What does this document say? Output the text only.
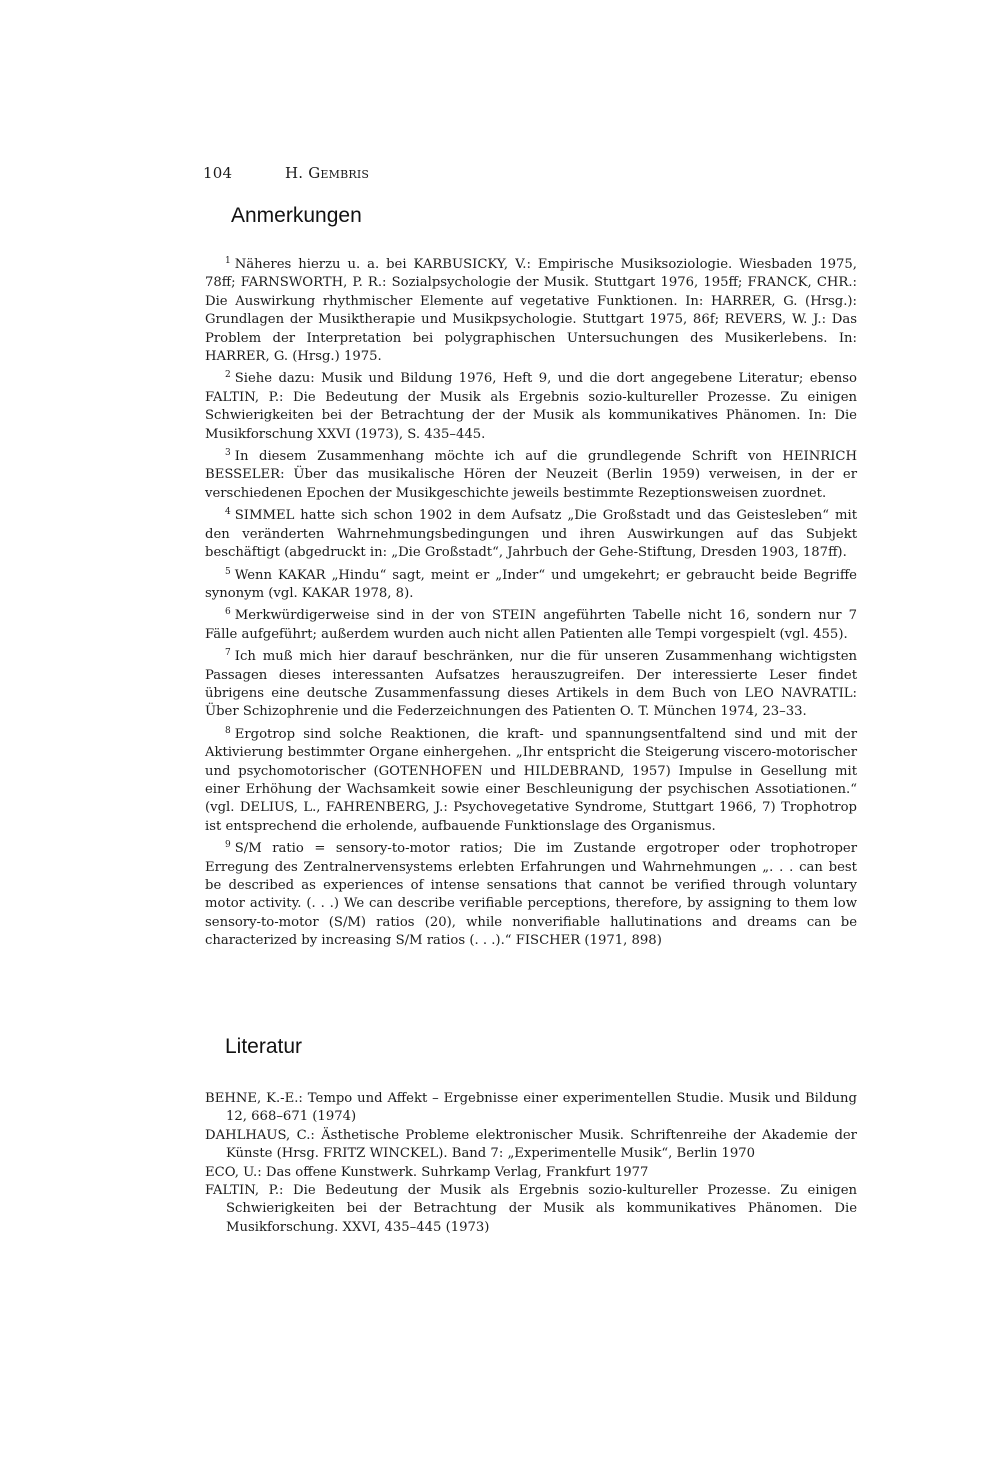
104	H. Gembris
Anmerkungen

$^1$ Näheres hierzu u. a. bei KARBUSICKY, V.: Empirische Musiksoziologie. Wiesbaden 1975, 78ff; FARNSWORTH, P. R.: Sozialpsychologie der Musik. Stuttgart 1976, 195ff; FRANCK, CHR.: Die Auswirkung rhythmischer Elemente auf vegetative Funktionen. In: HARRER, G. (Hrsg.): Grundlagen der Musiktherapie und Musikpsychologie. Stuttgart 1975, 86f; REVERS, W. J.: Das Problem der Interpretation bei polygraphischen Untersuchungen des Musikerlebens. In: HARRER, G. (Hrsg.) 1975.

$^2$ Siehe dazu: Musik und Bildung 1976, Heft 9, und die dort angegebene Literatur; ebenso FALTIN, P.: Die Bedeutung der Musik als Ergebnis sozio-kultureller Prozesse. Zu einigen Schwierigkeiten bei der Betrachtung der der Musik als kommunikatives Phänomen. In: Die Musikforschung XXVI (1973), S. 435–445.

$^3$ In diesem Zusammenhang möchte ich auf die grundlegende Schrift von HEINRICH BESSELER: Über das musikalische Hören der Neuzeit (Berlin 1959) verweisen, in der er verschiedenen Epochen der Musikgeschichte jeweils bestimmte Rezeptionsweisen zuordnet.

$^4$ SIMMEL hatte sich schon 1902 in dem Aufsatz „Die Großstadt und das Geistesleben“ mit den veränderten Wahrnehmungsbedingungen und ihren Auswirkungen auf das Subjekt beschäftigt (abgedruckt in: „Die Großstadt“, Jahrbuch der Gehe-Stiftung, Dresden 1903, 187ff).

$^5$ Wenn KAKAR „Hindu“ sagt, meint er „Inder“ und umgekehrt; er gebraucht beide Begriffe synonym (vgl. KAKAR 1978, 8).

$^6$ Merkwürdigerweise sind in der von STEIN angeführten Tabelle nicht 16, sondern nur 7 Fälle aufgeführt; außerdem wurden auch nicht allen Patienten alle Tempi vorgespielt (vgl. 455).

$^7$ Ich muß mich hier darauf beschränken, nur die für unseren Zusammenhang wichtigsten Passagen dieses interessanten Aufsatzes herauszugreifen. Der interessierte Leser findet übrigens eine deutsche Zusammenfassung dieses Artikels in dem Buch von LEO NAVRATIL: Über Schizophrenie und die Federzeichnungen des Patienten O. T. München 1974, 23–33.

$^8$ Ergotrop sind solche Reaktionen, die kraft- und spannungsentfaltend sind und mit der Aktivierung bestimmter Organe einhergehen. „Ihr entspricht die Steigerung viscero-motorischer und psychomotorischer (GOTENHOFEN und HILDEBRAND, 1957) Impulse in Gesellung mit einer Erhöhung der Wachsamkeit sowie einer Beschleunigung der psychischen Assotiationen.“ (vgl. DELIUS, L., FAHRENBERG, J.: Psychovegetative Syndrome, Stuttgart 1966, 7) Trophotrop ist entsprechend die erholende, aufbauende Funktionslage des Organismus.

$^9$ S/M ratio = sensory-to-motor ratios; Die im Zustande ergotroper oder trophotroper Erregung des Zentralnervensystems erlebten Erfahrungen und Wahrnehmungen „. . . can best be described as experiences of intense sensations that cannot be verified through voluntary motor activity. (. . .) We can describe verifiable perceptions, therefore, by assigning to them low sensory-to-motor (S/M) ratios (20), while nonverifiable hallutinations and dreams can be characterized by increasing S/M ratios (. . .).“ FISCHER (1971, 898)

Literatur

BEHNE, K.-E.: Tempo und Affekt – Ergebnisse einer experimentellen Studie. Musik und Bildung 12, 668–671 (1974)

DAHLHAUS, C.: Ästhetische Probleme elektronischer Musik. Schriftenreihe der Akademie der Künste (Hrsg. FRITZ WINCKEL). Band 7: „Experimentelle Musik“, Berlin 1970

ECO, U.: Das offene Kunstwerk. Suhrkamp Verlag, Frankfurt 1977

FALTIN, P.: Die Bedeutung der Musik als Ergebnis sozio-kultureller Prozesse. Zu einigen Schwierigkeiten bei der Betrachtung der Musik als kommunikatives Phänomen. Die Musikforschung. XXVI, 435–445 (1973)
